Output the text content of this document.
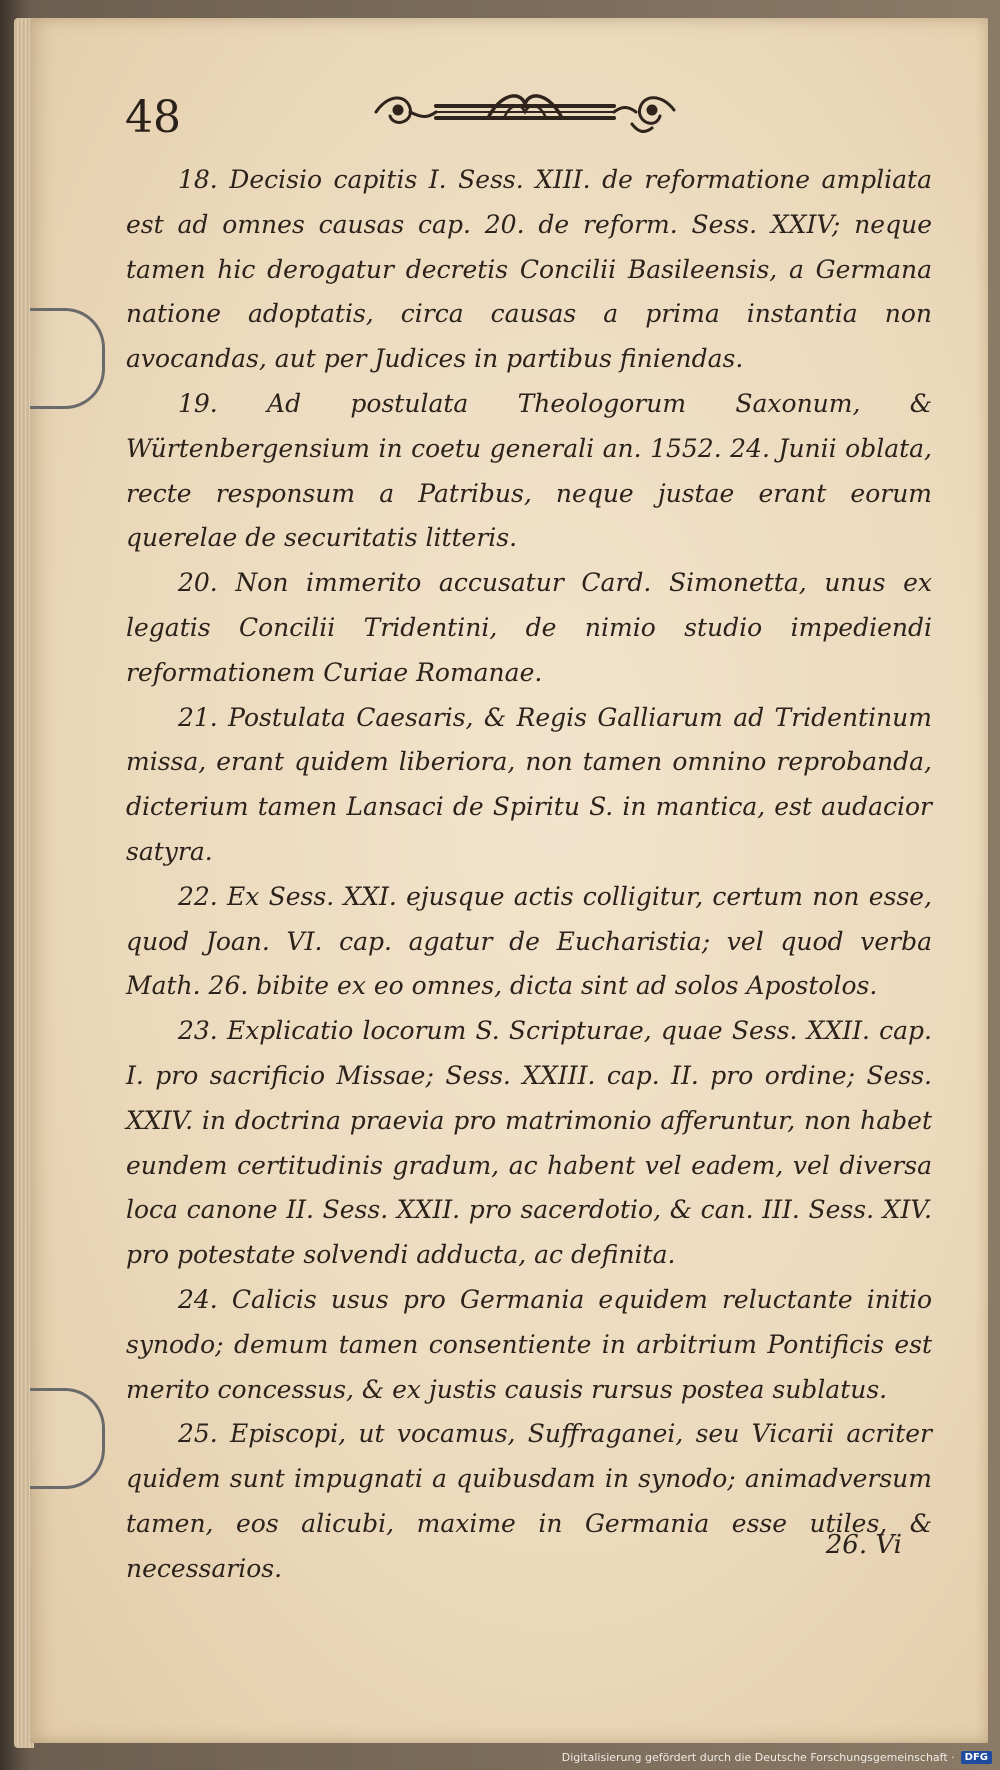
48

18. Decisio capitis I. Sess. XIII. de reformatione ampliata est ad omnes causas cap. 20. de reform. Sess. XXIV; neque tamen hic derogatur decretis Concilii Basileensis, a Germana natione adoptatis, circa causas a prima instantia non avocandas, aut per Judices in partibus finiendas.

19. Ad postulata Theologorum Saxonum, & Würtenbergensium in coetu generali an. 1552. 24. Junii oblata, recte responsum a Patribus, neque justae erant eorum querelae de securitatis litteris.

20. Non immerito accusatur Card. Simonetta, unus ex legatis Concilii Tridentini, de nimio studio impediendi reformationem Curiae Romanae.

21. Postulata Caesaris, & Regis Galliarum ad Tridentinum missa, erant quidem liberiora, non tamen omnino reprobanda, dicterium tamen Lansaci de Spiritu S. in mantica, est audacior satyra.

22. Ex Sess. XXI. ejusque actis colligitur, certum non esse, quod Joan. VI. cap. agatur de Eucharistia; vel quod verba Math. 26. bibite ex eo omnes, dicta sint ad solos Apostolos.

23. Explicatio locorum S. Scripturae, quae Sess. XXII. cap. I. pro sacrificio Missae; Sess. XXIII. cap. II. pro ordine; Sess. XXIV. in doctrina praevia pro matrimonio afferuntur, non habet eundem certitudinis gradum, ac habent vel eadem, vel diversa loca canone II. Sess. XXII. pro sacerdotio, & can. III. Sess. XIV. pro potestate solvendi adducta, ac definita.

24. Calicis usus pro Germania equidem reluctante initio synodo; demum tamen consentiente in arbitrium Pontificis est merito concessus, & ex justis causis rursus postea sublatus.

25. Episcopi, ut vocamus, Suffraganei, seu Vicarii acriter quidem sunt impugnati a quibusdam in synodo; animadversum tamen, eos alicubi, maxime in Germania esse utiles, & necessarios.

26. Vi
Digitalisierung gefördert durch die Deutsche Forschungsgemeinschaft ·	DFG
